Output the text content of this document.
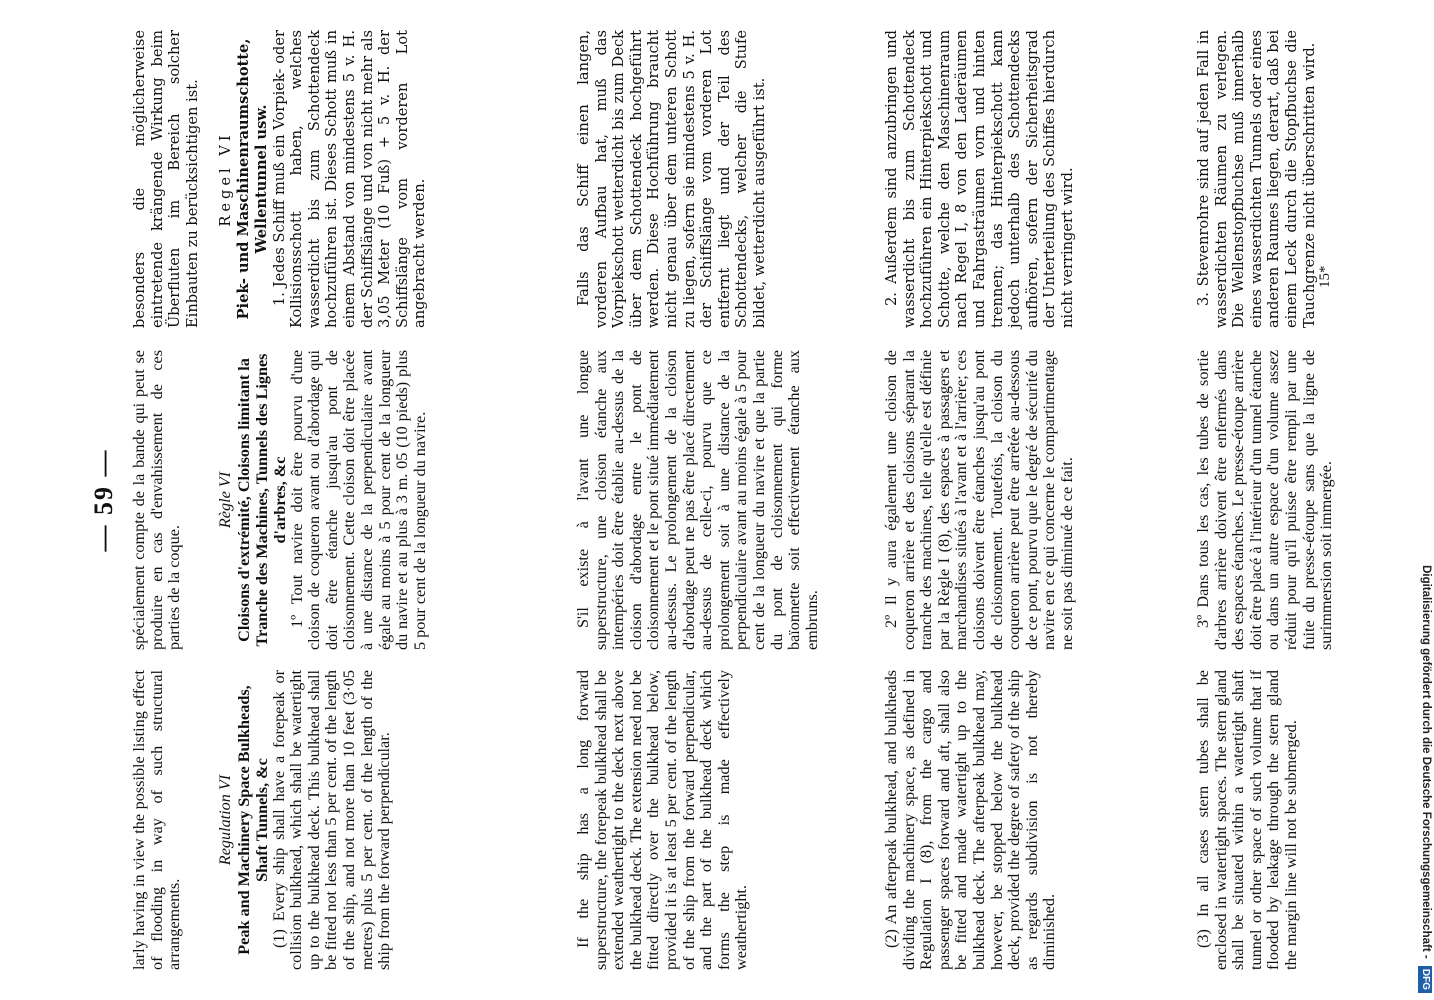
— 59 —

larly having in view the possible listing effect of flooding in way of such structural arrangements.

Regulation VI Peak and Machinery Space Bulkheads, Shaft Tunnels, &c (1) Every ship shall have a forepeak or collision bulkhead, which shall be watertight up to the bulkhead deck. This bulkhead shall be fitted not less than 5 per cent. of the length of the ship, and not more than 10 feet (3·05 metres) plus 5 per cent. of the length of the ship from the forward perpendicular.	If the ship has a long forward superstructure, the forepeak bulkhead shall be extended weathertight to the deck next above the bulkhead deck. The extension need not be fitted directly over the bulkhead below, provided it is at least 5 per cent. of the length of the ship from the forward perpendicular, and the part of the bulkhead deck which forms the step is made effectively weathertight.	(2) An afterpeak bulkhead, and bulkheads dividing the machinery space, as defined in Regulation I (8), from the cargo and passenger spaces forward and aft, shall also be fitted and made watertight up to the bulkhead deck. The afterpeak bulkhead may, however, be stopped below the bulkhead deck, provided the degree of safety of the ship as regards subdivision is not thereby diminished.	(3) In all cases stern tubes shall be enclosed in watertight spaces. The stern gland shall be situated within a watertight shaft tunnel or other space of such volume that if flooded by leakage through the stern gland the margin line will not be submerged.

spécialement compte de la bande qui peut se produire en cas d'envahissement de ces parties de la coque.

Règle VI Cloisons d'extrémité, Cloisons limitant la Tranche des Machines, Tunnels des Lignes d'arbres, &c 1º Tout navire doit être pourvu d'une cloison de coqueron avant ou d'abordage qui doit être étanche jusqu'au pont de cloisonnement. Cette cloison doit être placée à une distance de la perpendiculaire avant égale au moins à 5 pour cent de la longueur du navire et au plus à 3 m. 05 (10 pieds) plus 5 pour cent de la longueur du navire.	S'il existe à l'avant une longue superstructure, une cloison étanche aux intempéries doit être établie au-dessus de la cloison d'abordage entre le pont de cloisonnement et le pont situé immédiatement au-dessus. Le prolongement de la cloison d'abordage peut ne pas être placé directement au-dessus de celle-ci, pourvu que ce prolongement soit à une distance de la perpendiculaire avant au moins égale à 5 pour cent de la longueur du navire et que la partie du pont de cloisonnement qui forme baïonnette soit effectivement étanche aux embruns.	2º Il y aura également une cloison de coqueron arrière et des cloisons séparant la tranche des machines, telle qu'elle est définie par la Règle I (8), des espaces à passagers et marchandises situés à l'avant et à l'arrière; ces cloisons doivent être étanches jusqu'au pont de cloisonnement. Toutefois, la cloison du coqueron arrière peut être arrêtée au-dessous de ce pont, pourvu que le degré de sécurité du navire en ce qui concerne le compartimentage ne soit pas diminué de ce fait.	3º Dans tous les cas, les tubes de sortie d'arbres arrière doivent être enfermés dans des espaces étanches. Le presse-étoupe arrière doit être placé à l'intérieur d'un tunnel étanche ou dans un autre espace d'un volume assez réduit pour qu'il puisse être rempli par une fuite du presse-étoupe sans que la ligne de surimmersion soit immergée.

besonders die möglicherweise eintretende krängende Wirkung beim Überfluten im Bereich solcher Einbauten zu berücksichtigen ist. Regel VI Piek- und Maschinenraumschotte, Wellentunnel usw. 1. Jedes Schiff muß ein Vorpiek- oder Kollisionsschott haben, welches wasserdicht bis zum Schottendeck hochzuführen ist. Dieses Schott muß in einem Abstand von mindestens 5 v. H. der Schiffslänge und von nicht mehr als 3,05 Meter (10 Fuß) + 5 v. H. der Schiffslänge vom vorderen Lot angebracht werden.	Falls das Schiff einen langen, vorderen Aufbau hat, muß das Vorpiekschott wetterdicht bis zum Deck über dem Schottendeck hochgeführt werden. Diese Hochführung braucht nicht genau über dem unteren Schott zu liegen, sofern sie mindestens 5 v. H. der Schiffslänge vom vorderen Lot entfernt liegt und der Teil des Schottendecks, welcher die Stufe bildet, wetterdicht ausgeführt ist.	2. Außerdem sind anzubringen und wasserdicht bis zum Schottendeck hochzuführen ein Hinterpiekschott und Schotte, welche den Maschinenraum nach Regel I, 8 von den Laderäumen und Fahrgasträumen vorn und hinten trennen; das Hinterpiekschott kann jedoch unterhalb des Schottendecks aufhören, sofern der Sicherheitsgrad der Unterteilung des Schiffes hierdurch nicht verringert wird.	3. Stevenrohre sind auf jeden Fall in wasserdichten Räumen zu verlegen. Die Wellenstopfbuchse muß innerhalb eines wasserdichten Tunnels oder eines anderen Raumes liegen, derart, daß bei einem Leck durch die Stopfbuchse die Tauchgrenze nicht überschritten wird. 15*
Digitalisierung gefördert durch die Deutsche Forschungsgemeinschaft - DFG
